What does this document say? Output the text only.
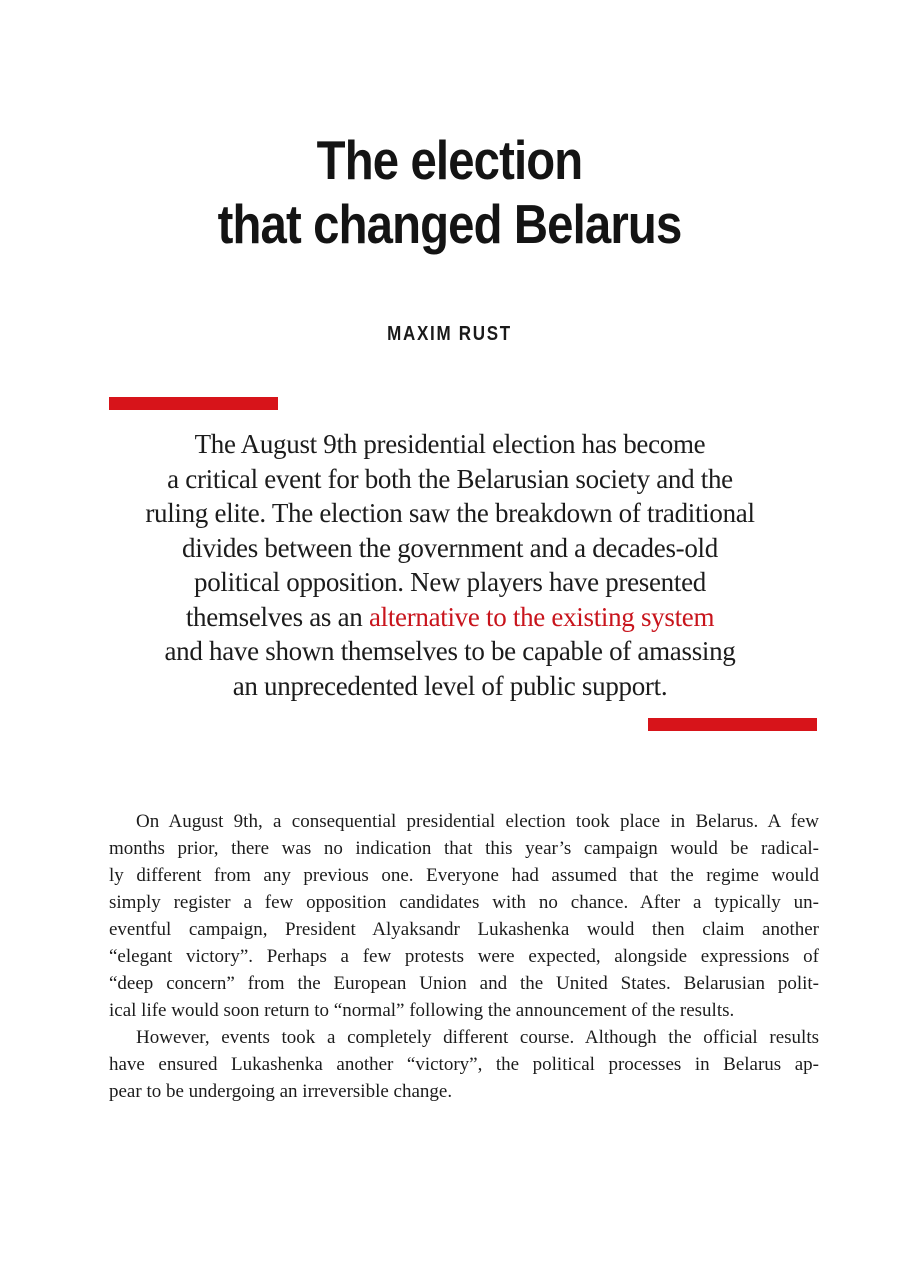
The election
that changed Belarus
MAXIM RUST
The August 9th presidential election has become
a critical event for both the Belarusian society and the
ruling elite. The election saw the breakdown of traditional
divides between the government and a decades-old
political opposition. New players have presented
themselves as an alternative to the existing system
and have shown themselves to be capable of amassing
an unprecedented level of public support.

On August 9th, a consequential presidential election took place in Belarus. A few
months prior, there was no indication that this year’s campaign would be radical-
ly different from any previous one. Everyone had assumed that the regime would
simply register a few opposition candidates with no chance. After a typically un-
eventful campaign, President Alyaksandr Lukashenka would then claim another
“elegant victory”. Perhaps a few protests were expected, alongside expressions of
“deep concern” from the European Union and the United States. Belarusian polit-
ical life would soon return to “normal” following the announcement of the results.

However, events took a completely different course. Although the official results
have ensured Lukashenka another “victory”, the political processes in Belarus ap-
pear to be undergoing an irreversible change.
